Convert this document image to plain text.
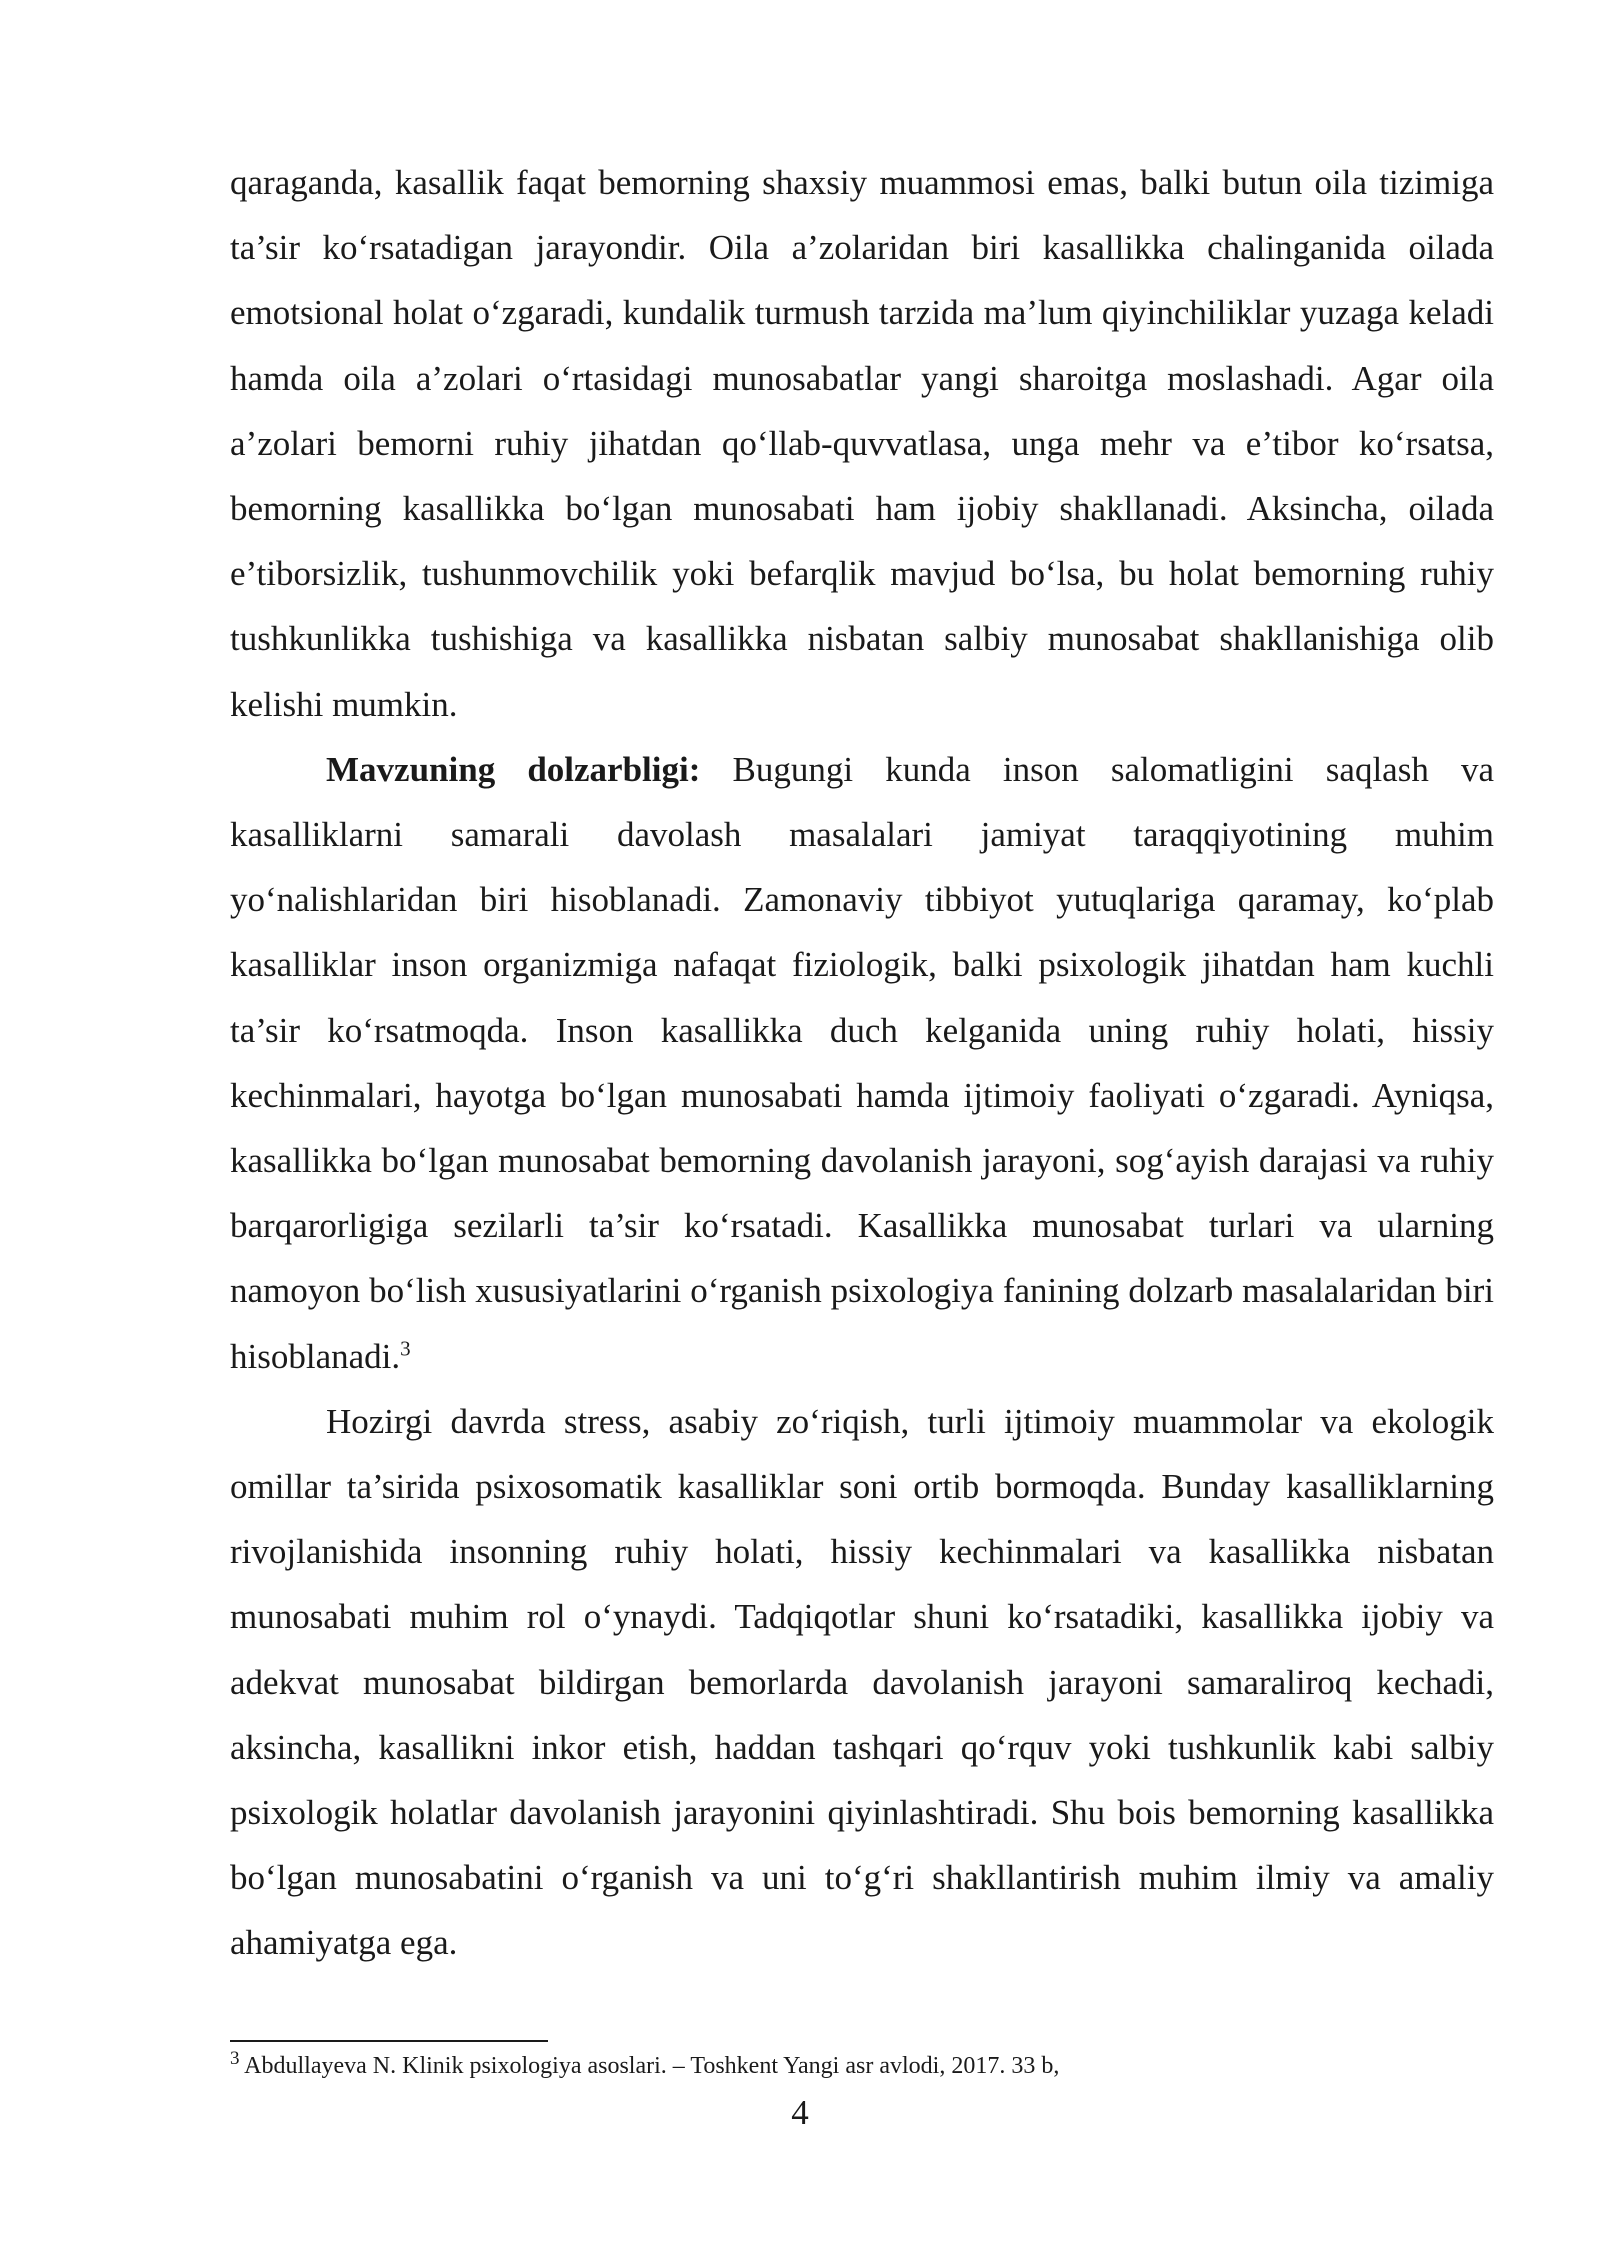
qaraganda, kasallik faqat bemorning shaxsiy muammosi emas, balki butun oila tizimiga ta’sir ko‘rsatadigan jarayondir. Oila a’zolaridan biri kasallikka chalinganida oilada emotsional holat o‘zgaradi, kundalik turmush tarzida ma’lum qiyinchiliklar yuzaga keladi hamda oila a’zolari o‘rtasidagi munosabatlar yangi sharoitga moslashadi. Agar oila a’zolari bemorni ruhiy jihatdan qo‘llab-quvvatlasa, unga mehr va e’tibor ko‘rsatsa, bemorning kasallikka bo‘lgan munosabati ham ijobiy shakllanadi. Aksincha, oilada e’tiborsizlik, tushunmovchilik yoki befarqlik mavjud bo‘lsa, bu holat bemorning ruhiy tushkunlikka tushishiga va kasallikka nisbatan salbiy munosabat shakllanishiga olib kelishi mumkin.

Mavzuning dolzarbligi: Bugungi kunda inson salomatligini saqlash va kasalliklarni samarali davolash masalalari jamiyat taraqqiyotining muhim yo‘nalishlaridan biri hisoblanadi. Zamonaviy tibbiyot yutuqlariga qaramay, ko‘plab kasalliklar inson organizmiga nafaqat fiziologik, balki psixologik jihatdan ham kuchli ta’sir ko‘rsatmoqda. Inson kasallikka duch kelganida uning ruhiy holati, hissiy kechinmalari, hayotga bo‘lgan munosabati hamda ijtimoiy faoliyati o‘zgaradi. Ayniqsa, kasallikka bo‘lgan munosabat bemorning davolanish jarayoni, sog‘ayish darajasi va ruhiy barqarorligiga sezilarli ta’sir ko‘rsatadi. Kasallikka munosabat turlari va ularning namoyon bo‘lish xususiyatlarini o‘rganish psixologiya fanining dolzarb masalalaridan biri hisoblanadi.$^3$

Hozirgi davrda stress, asabiy zo‘riqish, turli ijtimoiy muammolar va ekologik omillar ta’sirida psixosomatik kasalliklar soni ortib bormoqda. Bunday kasalliklarning rivojlanishida insonning ruhiy holati, hissiy kechinmalari va kasallikka nisbatan munosabati muhim rol o‘ynaydi. Tadqiqotlar shuni ko‘rsatadiki, kasallikka ijobiy va adekvat munosabat bildirgan bemorlarda davolanish jarayoni samaraliroq kechadi, aksincha, kasallikni inkor etish, haddan tashqari qo‘rquv yoki tushkunlik kabi salbiy psixologik holatlar davolanish jarayonini qiyinlashtiradi. Shu bois bemorning kasallikka bo‘lgan munosabatini o‘rganish va uni to‘g‘ri shakllantirish muhim ilmiy va amaliy ahamiyatga ega.

$^3$ Abdullayeva N. Klinik psixologiya asoslari. – Toshkent Yangi asr avlodi, 2017. 33 b,
4
